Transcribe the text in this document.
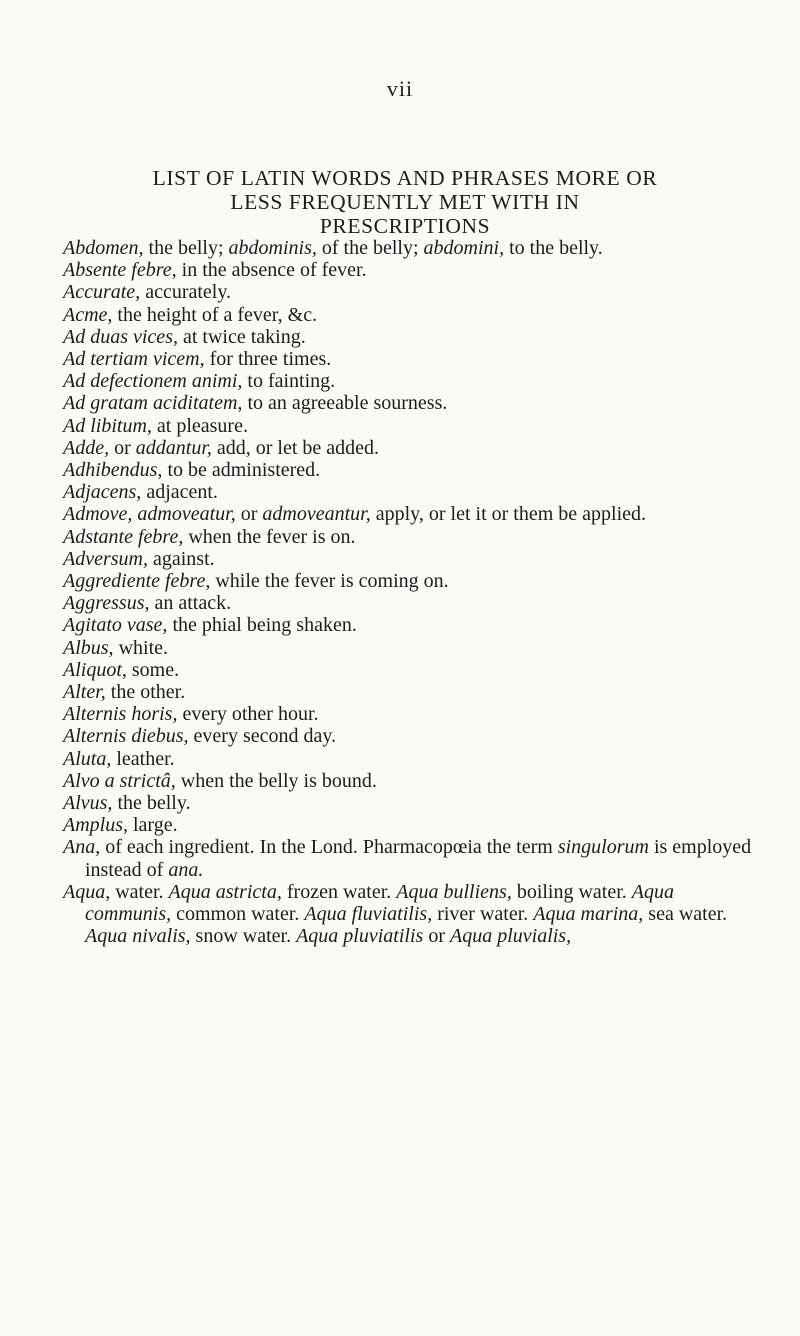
vii
LIST OF LATIN WORDS AND PHRASES MORE OR
LESS FREQUENTLY MET WITH IN
PRESCRIPTIONS

Abdomen, the belly; abdominis, of the belly; abdomini, to the belly.

Absente febre, in the absence of fever.

Accurate, accurately.

Acme, the height of a fever, &c.

Ad duas vices, at twice taking.

Ad tertiam vicem, for three times.

Ad defectionem animi, to fainting.

Ad gratam aciditatem, to an agreeable sourness.

Ad libitum, at pleasure.

Adde, or addantur, add, or let be added.

Adhibendus, to be administered.

Adjacens, adjacent.

Admove, admoveatur, or admoveantur, apply, or let it or them be applied.

Adstante febre, when the fever is on.

Adversum, against.

Aggrediente febre, while the fever is coming on.

Aggressus, an attack.

Agitato vase, the phial being shaken.

Albus, white.

Aliquot, some.

Alter, the other.

Alternis horis, every other hour.

Alternis diebus, every second day.

Aluta, leather.

Alvo a strictâ, when the belly is bound.

Alvus, the belly.

Amplus, large.

Ana, of each ingredient. In the Lond. Pharmacopœia the term singulorum is employed instead of ana.

Aqua, water. Aqua astricta, frozen water. Aqua bulliens, boiling water. Aqua communis, common water. Aqua fluviatilis, river water. Aqua marina, sea water. Aqua nivalis, snow water. Aqua pluviatilis or Aqua pluvialis,
